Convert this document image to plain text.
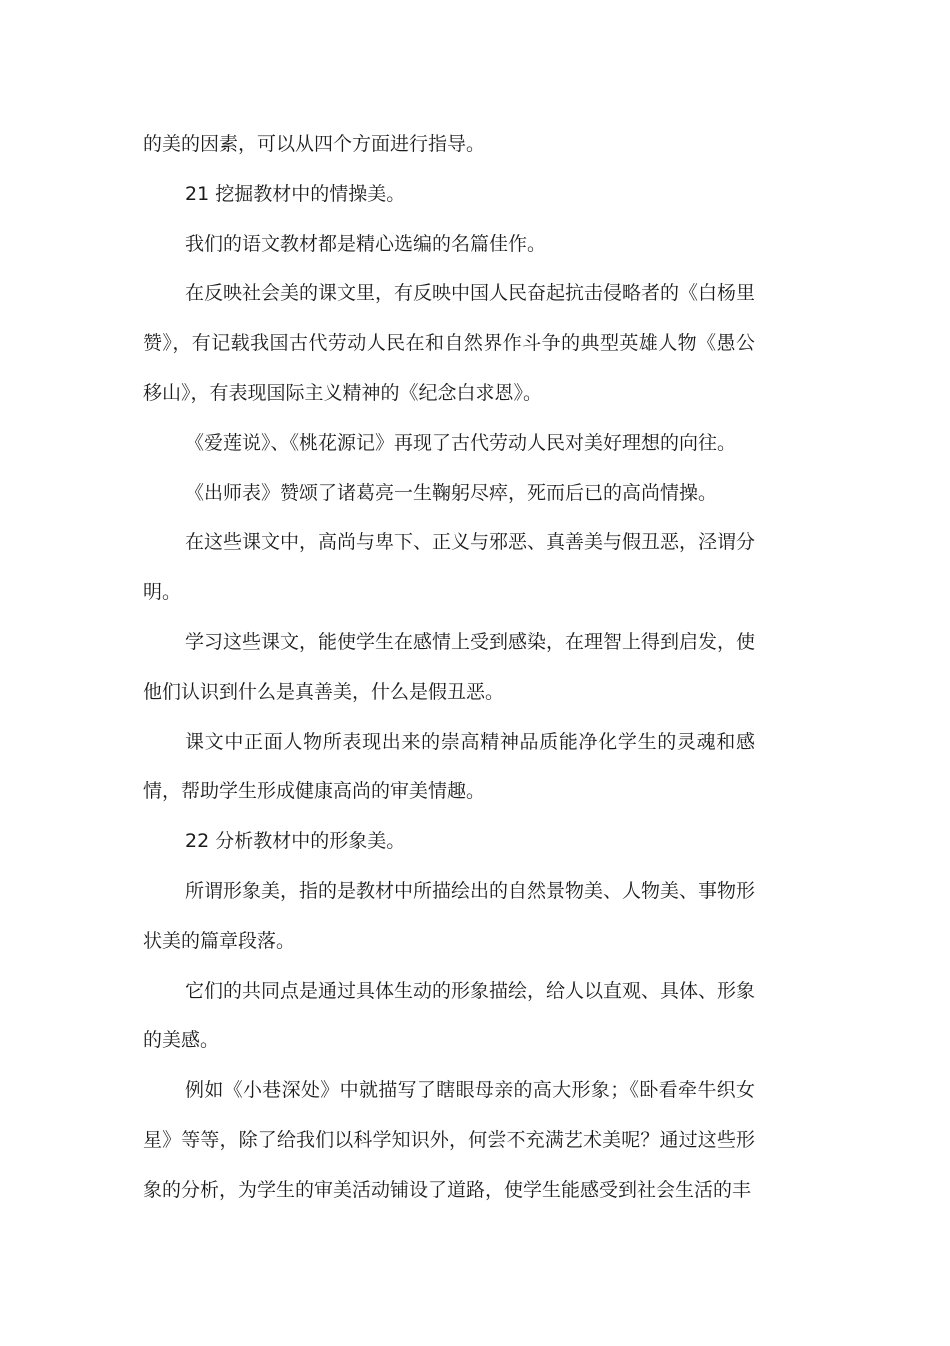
的美的因素，可以从四个方面进行指导。

21 挖掘教材中的情操美。

我们的语文教材都是精心选编的名篇佳作。

在反映社会美的课文里，有反映中国人民奋起抗击侵略者的《白杨里赞》，有记载我国古代劳动人民在和自然界作斗争的典型英雄人物《愚公移山》，有表现国际主义精神的《纪念白求恩》。

《爱莲说》、《桃花源记》再现了古代劳动人民对美好理想的向往。

《出师表》赞颂了诸葛亮一生鞠躬尽瘁，死而后已的高尚情操。

在这些课文中，高尚与卑下、正义与邪恶、真善美与假丑恶，泾谓分明。

学习这些课文，能使学生在感情上受到感染，在理智上得到启发，使他们认识到什么是真善美，什么是假丑恶。

课文中正面人物所表现出来的崇高精神品质能净化学生的灵魂和感情，帮助学生形成健康高尚的审美情趣。

22 分析教材中的形象美。

所谓形象美，指的是教材中所描绘出的自然景物美、人物美、事物形状美的篇章段落。

它们的共同点是通过具体生动的形象描绘，给人以直观、具体、形象的美感。

例如《小巷深处》中就描写了瞎眼母亲的高大形象；《卧看牵牛织女星》等等，除了给我们以科学知识外，何尝不充满艺术美呢？通过这些形象的分析，为学生的审美活动铺设了道路，使学生能感受到社会生活的丰
